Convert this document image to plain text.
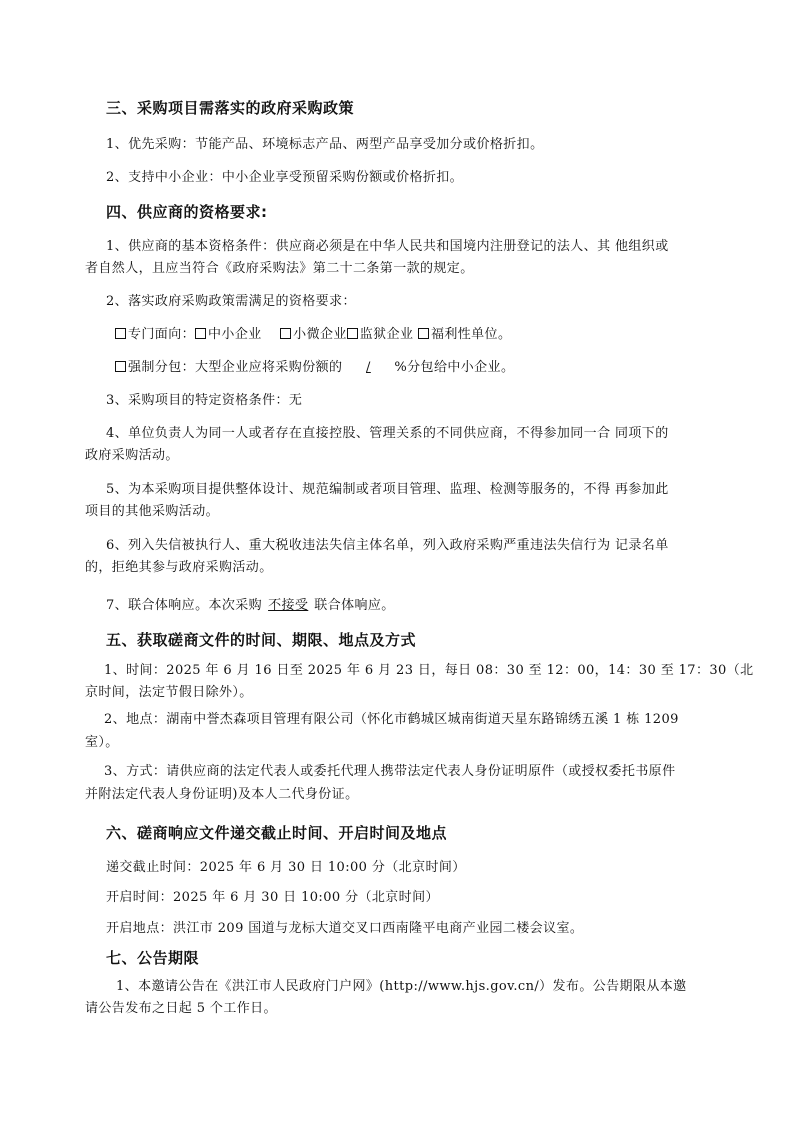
三、采购项目需落实的政府采购政策
1、优先采购：节能产品、环境标志产品、两型产品享受加分或价格折扣。
2、支持中小企业：中小企业享受预留采购份额或价格折扣。
四、供应商的资格要求:
1、供应商的基本资格条件：供应商必须是在中华人民共和国境内注册登记的法人、其 他组织或
者自然人，且应当符合《政府采购法》第二十二条第一款的规定。
2、落实政府采购政策需满足的资格要求：
专门面向： 中小企业 小微企业 监狱企业 福利性单位。
强制分包：大型企业应将采购份额的 / %分包给中小企业。
3、采购项目的特定资格条件：无
4、单位负责人为同一人或者存在直接控股、管理关系的不同供应商，不得参加同一合 同项下的
政府采购活动。
5、为本采购项目提供整体设计、规范编制或者项目管理、监理、检测等服务的，不得 再参加此
项目的其他采购活动。
6、列入失信被执行人、重大税收违法失信主体名单，列入政府采购严重违法失信行为 记录名单
的，拒绝其参与政府采购活动。
7、联合体响应。本次采购 不接受 联合体响应。
五、获取磋商文件的时间、期限、地点及方式
1、时间：2025 年 6 月 16 日至 2025 年 6 月 23 日，每日 08：30 至 12：00，14：30 至 17：30（北
京时间，法定节假日除外）。
2、地点：湖南中誉杰森项目管理有限公司（怀化市鹤城区城南街道天星东路锦绣五溪 1 栋 1209
室）。
3、方式：请供应商的法定代表人或委托代理人携带法定代表人身份证明原件（或授权委托书原件
并附法定代表人身份证明)及本人二代身份证。
六、磋商响应文件递交截止时间、开启时间及地点
递交截止时间：2025 年 6 月 30 日 10:00 分（北京时间）
开启时间：2025 年 6 月 30 日 10:00 分（北京时间）
开启地点：洪江市 209 国道与龙标大道交叉口西南隆平电商产业园二楼会议室。
七、公告期限
1、本邀请公告在《洪江市人民政府门户网》(http://www.hjs.gov.cn/）发布。公告期限从本邀
请公告发布之日起 5 个工作日。
